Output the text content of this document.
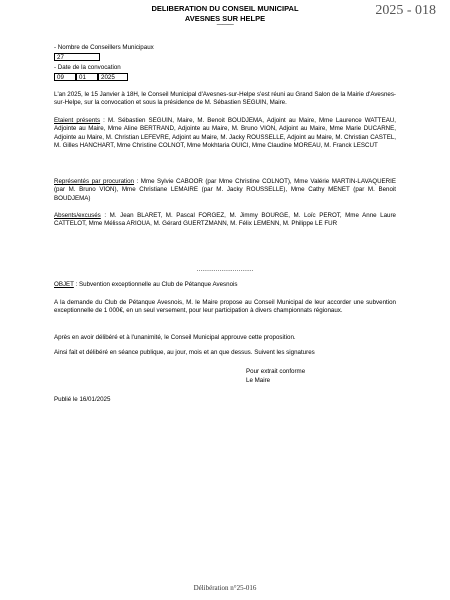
2025 - 018
DELIBERATION DU CONSEIL MUNICIPAL
AVESNES SUR HELPE
———
- Nombre de Conseillers Municipaux
27
- Date de la convocation
09	01	2025
L'an 2025, le 15 Janvier à 18H, le Conseil Municipal d'Avesnes-sur-Helpe s'est réuni au Grand Salon de la Mairie d'Avesnes-sur-Helpe, sur la convocation et sous la présidence de M. Sébastien SEGUIN, Maire.
Etaient présents : M. Sébastien SEGUIN, Maire, M. Benoit BOUDJEMA, Adjoint au Maire, Mme Laurence WATTEAU, Adjointe au Maire, Mme Aline BERTRAND, Adjointe au Maire, M. Bruno VION, Adjoint au Maire, Mme Marie DUCARNE, Adjointe au Maire, M. Christian LEFEVRE, Adjoint au Maire, M. Jacky ROUSSELLE, Adjoint au Maire, M. Christian CASTEL, M. Gilles HANCHART, Mme Christine COLNOT, Mme Mokhtaria OUICI, Mme Claudine MOREAU, M. Franck LESCUT
Représentés par procuration : Mme Sylvie CABOOR (par Mme Christine COLNOT), Mme Valérie MARTIN-LAVAQUERIE (par M. Bruno VION), Mme Christiane LEMAIRE (par M. Jacky ROUSSELLE), Mme Cathy MENET (par M. Benoit BOUDJEMA)
Absents/excusés : M. Jean BLARET, M. Pascal FORGEZ, M. Jimmy BOURGE, M. Loïc PEROT, Mme Anne Laure CATTELOT, Mme Mélissa ARIOUA, M. Gérard GUERTZMANN, M. Félix LEMENN, M. Philippe LE FUR
…………………………
OBJET : Subvention exceptionnelle au Club de Pétanque Avesnois
A la demande du Club de Pétanque Avesnois, M. le Maire propose au Conseil Municipal de leur accorder une subvention exceptionnelle de 1 000€, en un seul versement, pour leur participation à divers championnats régionaux.
Après en avoir délibéré et à l'unanimité, le Conseil Municipal approuve cette proposition.
Ainsi fait et délibéré en séance publique, au jour, mois et an que dessus. Suivent les signatures
Pour extrait conforme
Le Maire
Publié le 16/01/2025
Délibération n°25-016
